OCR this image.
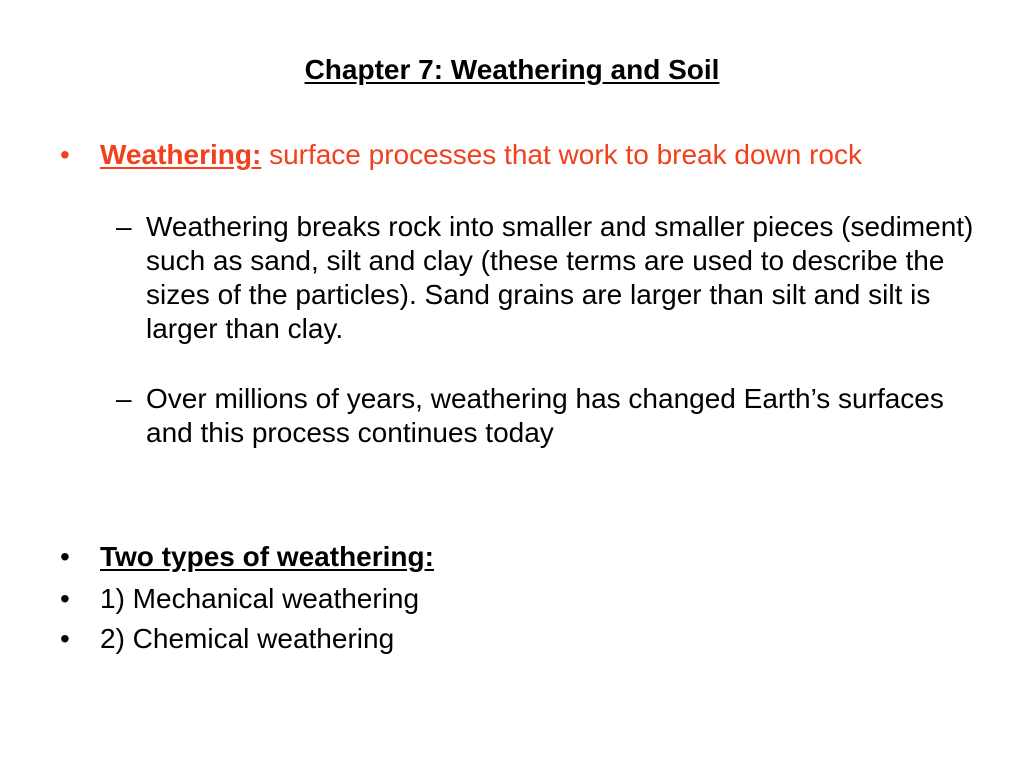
Chapter 7: Weathering and Soil
• Weathering: surface processes that work to break down rock
– Weathering breaks rock into smaller and smaller pieces (sediment) such as sand, silt and clay (these terms are used to describe the sizes of the particles). Sand grains are larger than silt and silt is larger than clay.
– Over millions of years, weathering has changed Earth’s surfaces and this process continues today
• Two types of weathering:
• 1) Mechanical weathering
• 2) Chemical weathering
